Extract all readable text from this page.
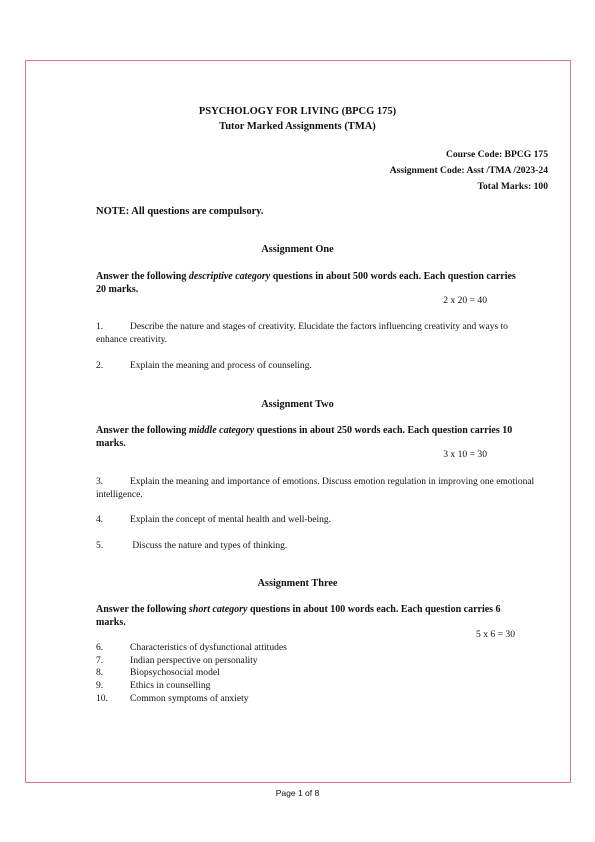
PSYCHOLOGY FOR LIVING (BPCG 175)
Tutor Marked Assignments (TMA)
Course Code: BPCG 175
Assignment Code: Asst /TMA /2023-24
Total Marks: 100
NOTE: All questions are compulsory.
Assignment One
Answer the following descriptive category questions in about 500 words each. Each question carries 20 marks.
2 x 20 = 40
1.	Describe the nature and stages of creativity. Elucidate the factors influencing creativity and ways to enhance creativity.
2.	Explain the meaning and process of counseling.
Assignment Two
Answer the following middle category questions in about 250 words each. Each question carries 10 marks.
3 x 10 = 30
3.	Explain the meaning and importance of emotions. Discuss emotion regulation in improving one emotional intelligence.
4.	Explain the concept of mental health and well-being.
5.	Discuss the nature and types of thinking.
Assignment Three
Answer the following short category questions in about 100 words each. Each question carries 6 marks.
5 x 6 = 30
6.	Characteristics of dysfunctional attitudes
7.	Indian perspective on personality
8.	Biopsychosocial model
9.	Ethics in counselling
10. Common symptoms of anxiety
Page 1 of 8
